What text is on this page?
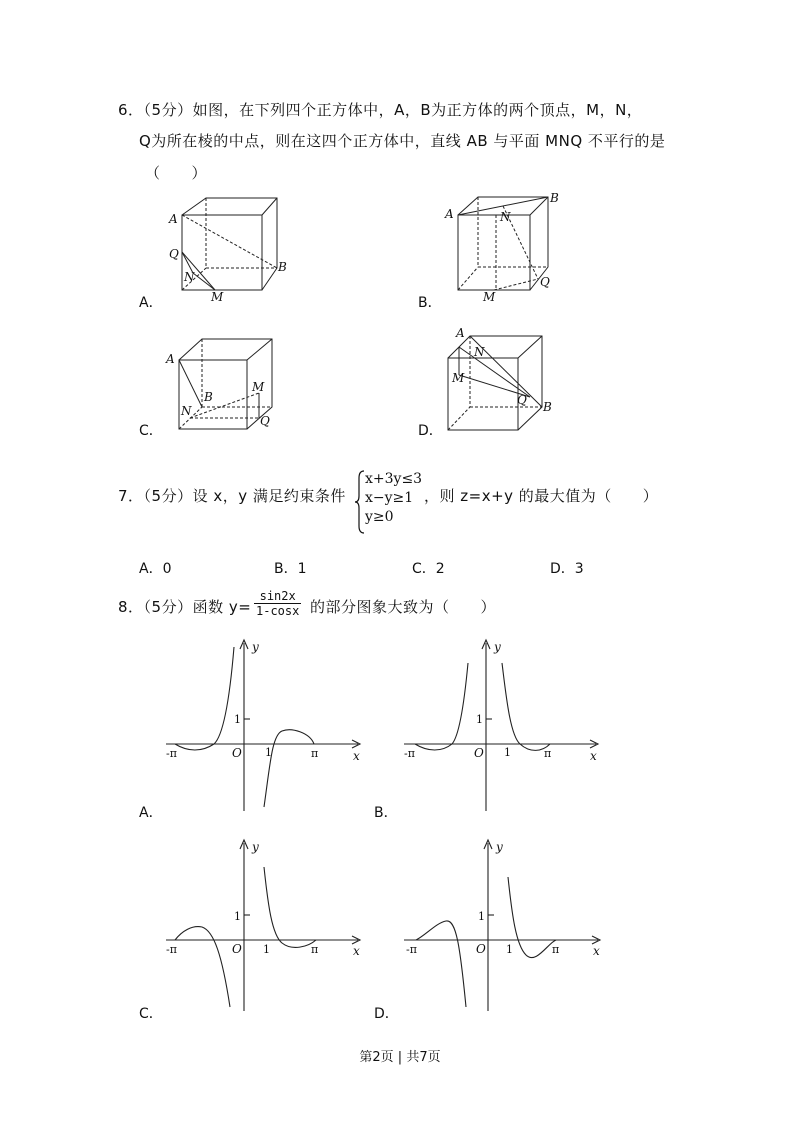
6．（5分）如图，在下列四个正方体中，A，B为正方体的两个顶点，M，N，
Q为所在棱的中点，则在这四个正方体中，直线 AB 与平面 MNQ 不平行的是
（　　）
A．	B．
C．	D．
A
B
Q
N
M
A
B
N
M
Q
A
B
M
N
Q
A
N
M
Q B
7．（5分）设 x，y 满足约束条件
x+3y≤3
x−y≥1
y≥0
，则 z=x+y 的最大值为（　　）
A．0	B．1	C．2	D．3
8．（5分）函数 $y= \frac{\sin 2x}{1-\cos x}$ 的部分图象大致为（　　）
A．	B．
C．	D．
y
x
1
1
O
-π	π
y
x
1
1
O
-π	π
y
x
1
1
O
-π	π
y
x
1
1
O
-π	π
第2页 | 共7页
